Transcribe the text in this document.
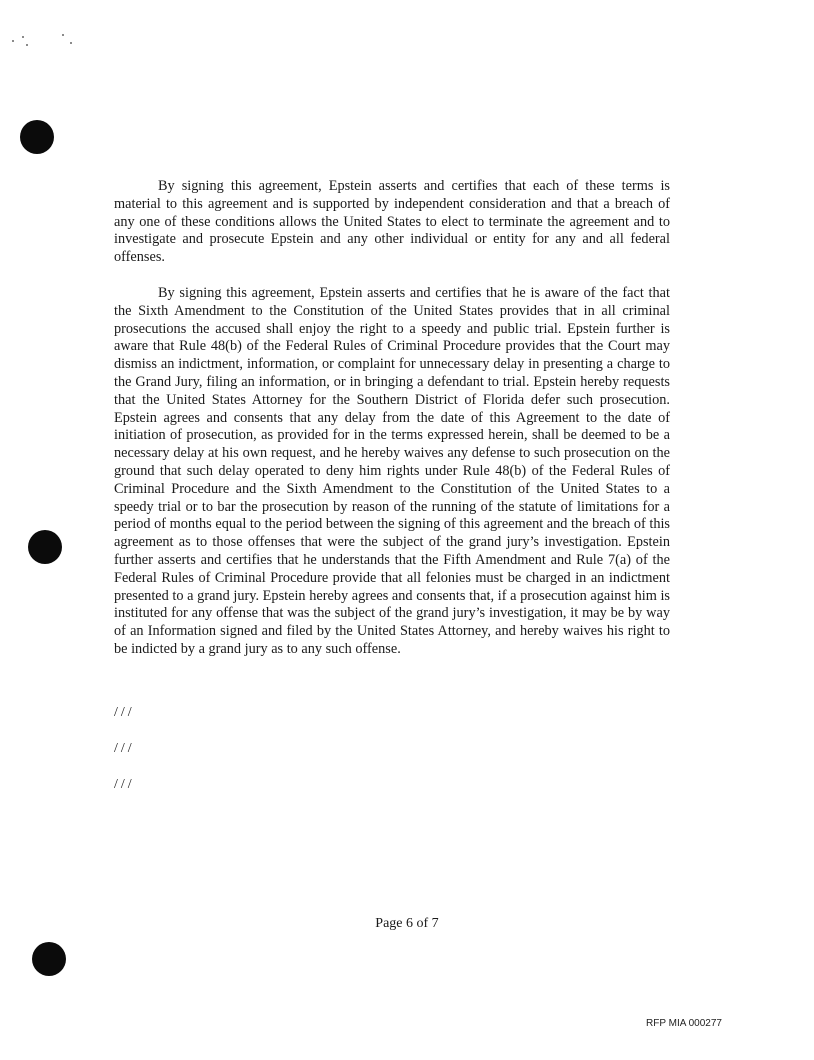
By signing this agreement, Epstein asserts and certifies that each of these terms is material to this agreement and is supported by independent consideration and that a breach of any one of these conditions allows the United States to elect to terminate the agreement and to investigate and prosecute Epstein and any other individual or entity for any and all federal offenses.

By signing this agreement, Epstein asserts and certifies that he is aware of the fact that the Sixth Amendment to the Constitution of the United States provides that in all criminal prosecutions the accused shall enjoy the right to a speedy and public trial. Epstein further is aware that Rule 48(b) of the Federal Rules of Criminal Procedure provides that the Court may dismiss an indictment, information, or complaint for unnecessary delay in presenting a charge to the Grand Jury, filing an information, or in bringing a defendant to trial. Epstein hereby requests that the United States Attorney for the Southern District of Florida defer such prosecution. Epstein agrees and consents that any delay from the date of this Agreement to the date of initiation of prosecution, as provided for in the terms expressed herein, shall be deemed to be a necessary delay at his own request, and he hereby waives any defense to such prosecution on the ground that such delay operated to deny him rights under Rule 48(b) of the Federal Rules of Criminal Procedure and the Sixth Amendment to the Constitution of the United States to a speedy trial or to bar the prosecution by reason of the running of the statute of limitations for a period of months equal to the period between the signing of this agreement and the breach of this agreement as to those offenses that were the subject of the grand jury’s investigation. Epstein further asserts and certifies that he understands that the Fifth Amendment and Rule 7(a) of the Federal Rules of Criminal Procedure provide that all felonies must be charged in an indictment presented to a grand jury. Epstein hereby agrees and consents that, if a prosecution against him is instituted for any offense that was the subject of the grand jury’s investigation, it may be by way of an Information signed and filed by the United States Attorney, and hereby waives his right to be indicted by a grand jury as to any such offense.

///

///

///

Page 6 of 7
RFP MIA 000277
